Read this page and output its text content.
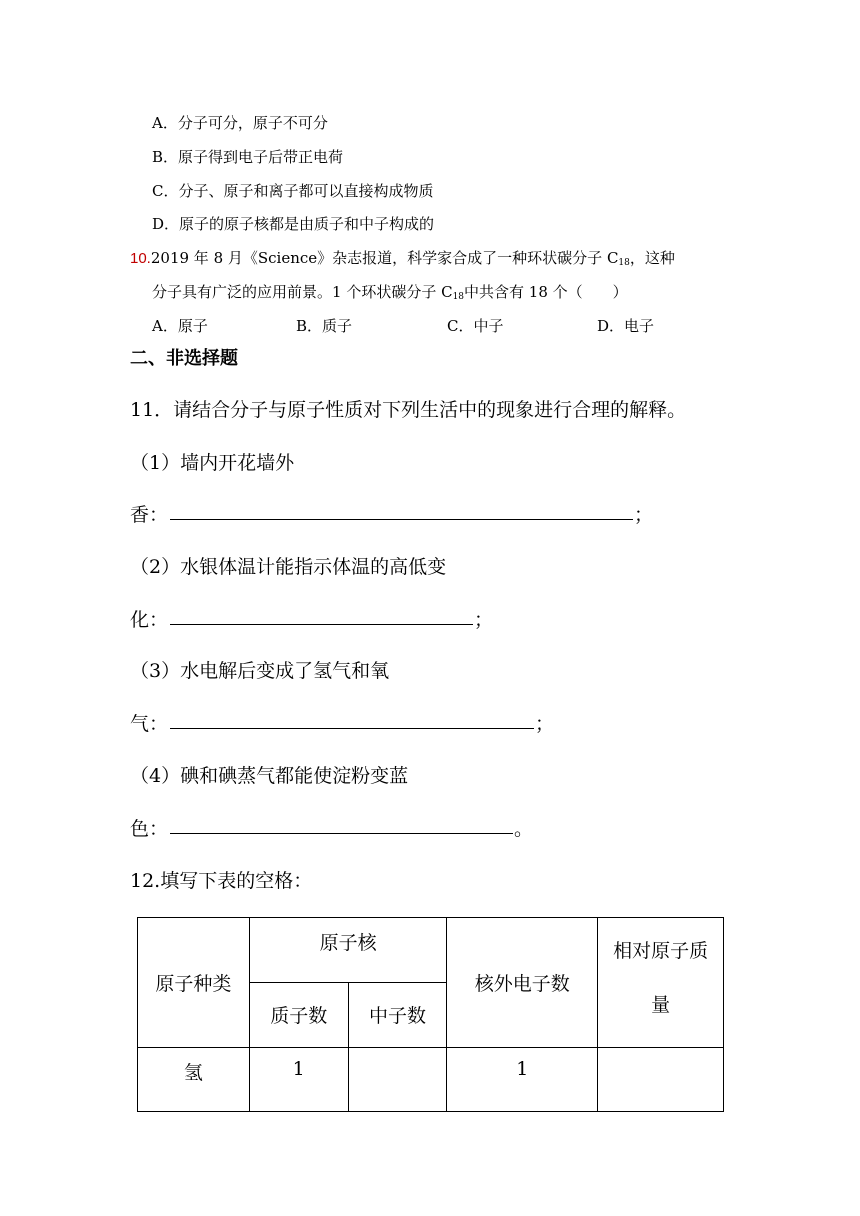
A．分子可分，原子不可分
B．原子得到电子后带正电荷
C．分子、原子和离子都可以直接构成物质
D．原子的原子核都是由质子和中子构成的
10.2019 年 8 月《Science》杂志报道，科学家合成了一种环状碳分子 $C_{18}$，这种
分子具有广泛的应用前景。1 个环状碳分子 $C_{18}$中共含有 18 个（　　）
A．原子	B．质子	C．中子	D．电子
二、非选择题
11．请结合分子与原子性质对下列生活中的现象进行合理的解释。
（1）墙内开花墙外
香：	；
（2）水银体温计能指示体温的高低变
化：	；
（3）水电解后变成了氢气和氧
气：	；
（4）碘和碘蒸气都能使淀粉变蓝
色：	。
12.填写下表的空格：
原子种类	原子核		核外电子数	相对原子质
量
	质子数	中子数		
氢	1		1	
